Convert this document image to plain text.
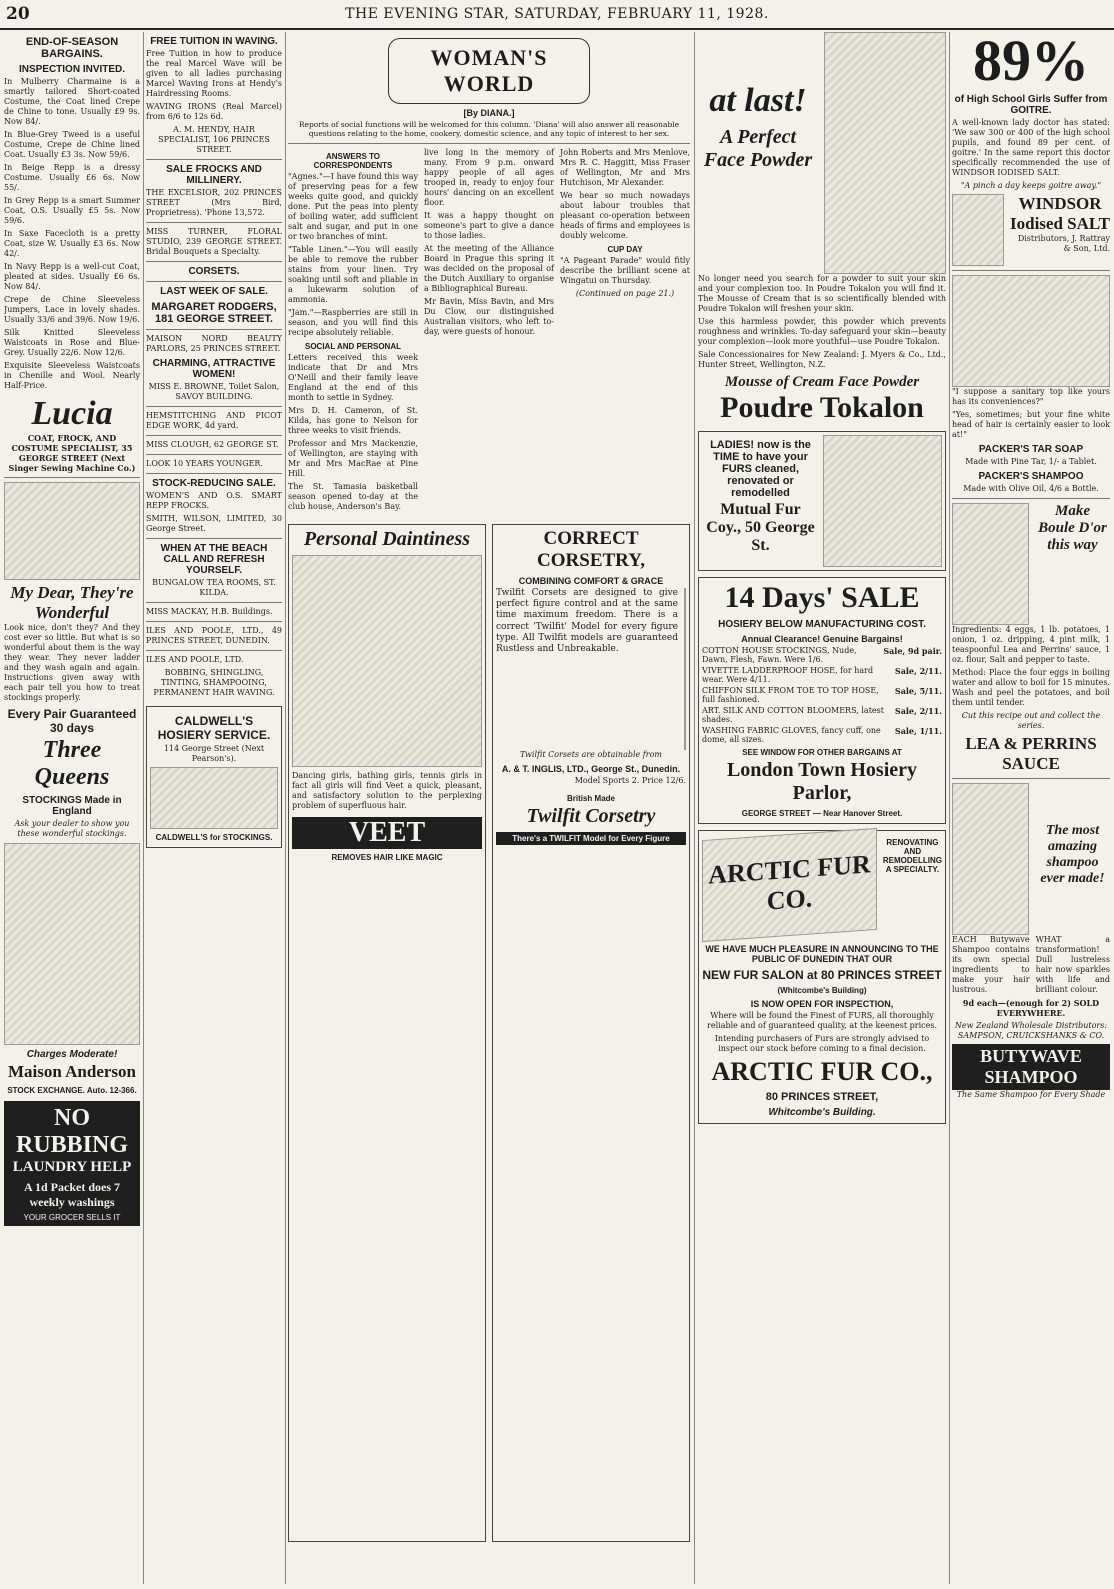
20	THE EVENING STAR, SATURDAY, FEBRUARY 11, 1928.
END-OF-SEASON BARGAINS.
INSPECTION INVITED.

In Mulberry Charmaine is a smartly tailored Short-coated Costume, the Coat lined Crepe de Chine to tone. Usually £9 9s. Now 84/.

In Blue-Grey Tweed is a useful Costume, Crepe de Chine lined Coat. Usually £3 3s. Now 59/6.

In Beige Repp is a dressy Costume. Usually £6 6s. Now 55/.

In Grey Repp is a smart Summer Coat, O.S. Usually £5 5s. Now 59/6.

In Saxe Facecloth is a pretty Coat, size W. Usually £3 6s. Now 42/.

In Navy Repp is a well-cut Coat, pleated at sides. Usually £6 6s. Now 84/.

Crepe de Chine Sleeveless Jumpers, Lace in lovely shades. Usually 33/6 and 39/6. Now 19/6.

Silk Knitted Sleeveless Waistcoats in Rose and Blue-Grey. Usually 22/6. Now 12/6.

Exquisite Sleeveless Waistcoats in Chenille and Wool. Nearly Half-Price.

Lucia

COAT, FROCK, AND COSTUME SPECIALIST, 35 GEORGE STREET (Next Singer Sewing Machine Co.)

My Dear, They're Wonderful

Look nice, don't they? And they cost ever so little. But what is so wonderful about them is the way they wear. They never ladder and they wash again and again. Instructions given away with each pair tell you how to treat stockings properly.

Every Pair Guaranteed 30 days
Three Queens
STOCKINGS Made in England

Ask your dealer to show you these wonderful stockings.

Charges Moderate!
Maison Anderson
STOCK EXCHANGE. Auto. 12-366.
NO RUBBING
LAUNDRY HELP
A 1d Packet does 7 weekly washings
YOUR GROCER SELLS IT
FREE TUITION IN WAVING.

Free Tuition in how to produce the real Marcel Wave will be given to all ladies purchasing Marcel Waving Irons at Hendy's Hairdressing Rooms.

WAVING IRONS (Real Marcel) from 6/6 to 12s 6d.

A. M. HENDY, HAIR SPECIALIST, 106 PRINCES STREET.

SALE FROCKS AND MILLINERY.

THE EXCELSIOR, 202 PRINCES STREET (Mrs Bird, Proprietress). 'Phone 13,572.

MISS TURNER, FLORAL STUDIO, 239 GEORGE STREET. Bridal Bouquets a Specialty.

CORSETS.
LAST WEEK OF SALE.
MARGARET RODGERS, 181 GEORGE STREET.

MAISON NORD BEAUTY PARLORS, 25 PRINCES STREET.

CHARMING, ATTRACTIVE WOMEN!

MISS E. BROWNE, Toilet Salon, SAVOY BUILDING.

HEMSTITCHING AND PICOT EDGE WORK, 4d yard.

MISS CLOUGH, 62 GEORGE ST.

LOOK 10 YEARS YOUNGER.

STOCK-REDUCING SALE.

WOMEN'S AND O.S. SMART REPP FROCKS.

SMITH, WILSON, LIMITED, 30 George Street.

WHEN AT THE BEACH CALL AND REFRESH YOURSELF.

BUNGALOW TEA ROOMS, ST. KILDA.

MISS MACKAY, H.B. Buildings.

ILES AND POOLE, LTD., 49 PRINCES STREET, DUNEDIN.

ILES AND POOLE, LTD.

BOBBING, SHINGLING, TINTING, SHAMPOOING, PERMANENT HAIR WAVING.

CALDWELL'S HOSIERY SERVICE.

114 George Street (Next Pearson's).

CALDWELL'S for STOCKINGS.
WOMAN'S WORLD
[By DIANA.]

Reports of social functions will be welcomed for this column. 'Diana' will also answer all reasonable questions relating to the home, cookery, domestic science, and any topic of interest to her sex.

ANSWERS TO CORRESPONDENTS

"Agnes."—I have found this way of preserving peas for a few weeks quite good, and quickly done. Put the peas into plenty of boiling water, add sufficient salt and sugar, and put in one or two branches of mint.

"Table Linen."—You will easily be able to remove the rubber stains from your linen. Try soaking until soft and pliable in a lukewarm solution of ammonia.

"Jam."—Raspberries are still in season, and you will find this recipe absolutely reliable.

SOCIAL AND PERSONAL

Letters received this week indicate that Dr and Mrs O'Neill and their family leave England at the end of this month to settle in Sydney.

Mrs D. H. Cameron, of St. Kilda, has gone to Nelson for three weeks to visit friends.

Professor and Mrs Mackenzie, of Wellington, are staying with Mr and Mrs MacRae at Pine Hill.

The St. Tamasia basketball season opened to-day at the club house, Anderson's Bay.

live long in the memory of many. From 9 p.m. onward happy people of all ages trooped in, ready to enjoy four hours' dancing on an excellent floor.

It was a happy thought on someone's part to give a dance to those ladies.

At the meeting of the Alliance Board in Prague this spring it was decided on the proposal of the Dutch Auxiliary to organise a Bibliographical Bureau.

Mr Bavin, Miss Bavin, and Mrs Du Clow, our distinguished Australian visitors, who left to-day, were guests of honour.

John Roberts and Mrs Menlove, Mrs R. C. Haggitt, Miss Fraser of Wellington, Mr and Mrs Hutchison, Mr Alexander.

We hear so much nowadays about labour troubles that pleasant co-operation between heads of firms and employees is doubly welcome.

CUP DAY

"A Pageant Parade" would fitly describe the brilliant scene at Wingatui on Thursday.

(Continued on page 21.)

Personal Daintiness

Dancing girls, bathing girls, tennis girls in fact all girls will find Veet a quick, pleasant, and satisfactory solution to the perplexing problem of superfluous hair.

VEET
REMOVES HAIR LIKE MAGIC
CORRECT CORSETRY,
COMBINING COMFORT & GRACE

Twilfit Corsets are designed to give perfect figure control and at the same time maximum freedom. There is a correct 'Twilfit' Model for every figure type. All Twilfit models are guaranteed Rustless and Unbreakable.

Twilfit Corsets are obtainable from

A. & T. INGLIS, LTD., George St., Dunedin.

Model Sports 2. Price 12/6.

British Made
Twilfit Corsetry
There's a TWILFIT Model for Every Figure
at last!
A Perfect Face Powder

No longer need you search for a powder to suit your skin and your complexion too. In Poudre Tokalon you will find it. The Mousse of Cream that is so scientifically blended with Poudre Tokalon will freshen your skin.

Use this harmless powder, this powder which prevents roughness and wrinkles. To-day safeguard your skin—beauty your complexion—look more youthful—use Poudre Tokalon.

Sale Concessionaires for New Zealand: J. Myers & Co., Ltd., Hunter Street, Wellington, N.Z.

Mousse of Cream Face Powder
Poudre Tokalon
LADIES! now is the TIME to have your FURS cleaned, renovated or remodelled
Mutual Fur Coy., 50 George St.
14 Days' SALE
HOSIERY BELOW MANUFACTURING COST.
Annual Clearance! Genuine Bargains!
COTTON HOUSE STOCKINGS, Nude, Dawn, Flesh, Fawn. Were 1/6.
Sale, 9d pair.
VIVETTE LADDERPROOF HOSE, for hard wear. Were 4/11.
Sale, 2/11.
CHIFFON SILK FROM TOE TO TOP HOSE, full fashioned.
Sale, 5/11.
ART. SILK AND COTTON BLOOMERS, latest shades.
Sale, 2/11.
WASHING FABRIC GLOVES, fancy cuff, one dome, all sizes.
Sale, 1/11.
SEE WINDOW FOR OTHER BARGAINS AT
London Town Hosiery Parlor,
GEORGE STREET — Near Hanover Street.
ARCTIC FUR CO.
RENOVATING AND REMODELLING A SPECIALTY.
WE HAVE MUCH PLEASURE IN ANNOUNCING TO THE PUBLIC OF DUNEDIN THAT OUR
NEW FUR SALON at 80 PRINCES STREET
(Whitcombe's Building)
IS NOW OPEN FOR INSPECTION,

Where will be found the Finest of FURS, all thoroughly reliable and of guaranteed quality, at the keenest prices.

Intending purchasers of Furs are strongly advised to inspect our stock before coming to a final decision.

ARCTIC FUR CO.,
80 PRINCES STREET,
Whitcombe's Building.
89%
of High School Girls Suffer from GOITRE.

A well-known lady doctor has stated: 'We saw 300 or 400 of the high school pupils, and found 89 per cent. of goitre.' In the same report this doctor specifically recommended the use of WINDSOR IODISED SALT.

"A pinch a day keeps goitre away."

WINDSOR Iodised SALT
Distributors, J. Rattray & Son, Ltd.

"I suppose a sanitary top like yours has its conveniences?"

"Yes, sometimes; but your fine white head of hair is certainly easier to look at!"

PACKER'S TAR SOAP
Made with Pine Tar, 1/- a Tablet.
PACKER'S SHAMPOO
Made with Olive Oil, 4/6 a Bottle.
Make Boule D'or this way

Ingredients: 4 eggs, 1 lb. potatoes, 1 onion, 1 oz. dripping, 4 pint milk, 1 teaspoonful Lea and Perrins' sauce, 1 oz. flour, Salt and pepper to taste.

Method: Place the four eggs in boiling water and allow to boil for 15 minutes. Wash and peel the potatoes, and boil them until tender.

Cut this recipe out and collect the series.

LEA & PERRINS SAUCE
The most amazing shampoo ever made!

EACH Butywave Shampoo contains its own special ingredients to make your hair lustrous.

WHAT a transformation! Dull lustreless hair now sparkles with life and brilliant colour.

9d each—(enough for 2) SOLD EVERYWHERE.

New Zealand Wholesale Distributors: SAMPSON, CRUICKSHANKS & CO.

BUTYWAVE SHAMPOO
The Same Shampoo for Every Shade
